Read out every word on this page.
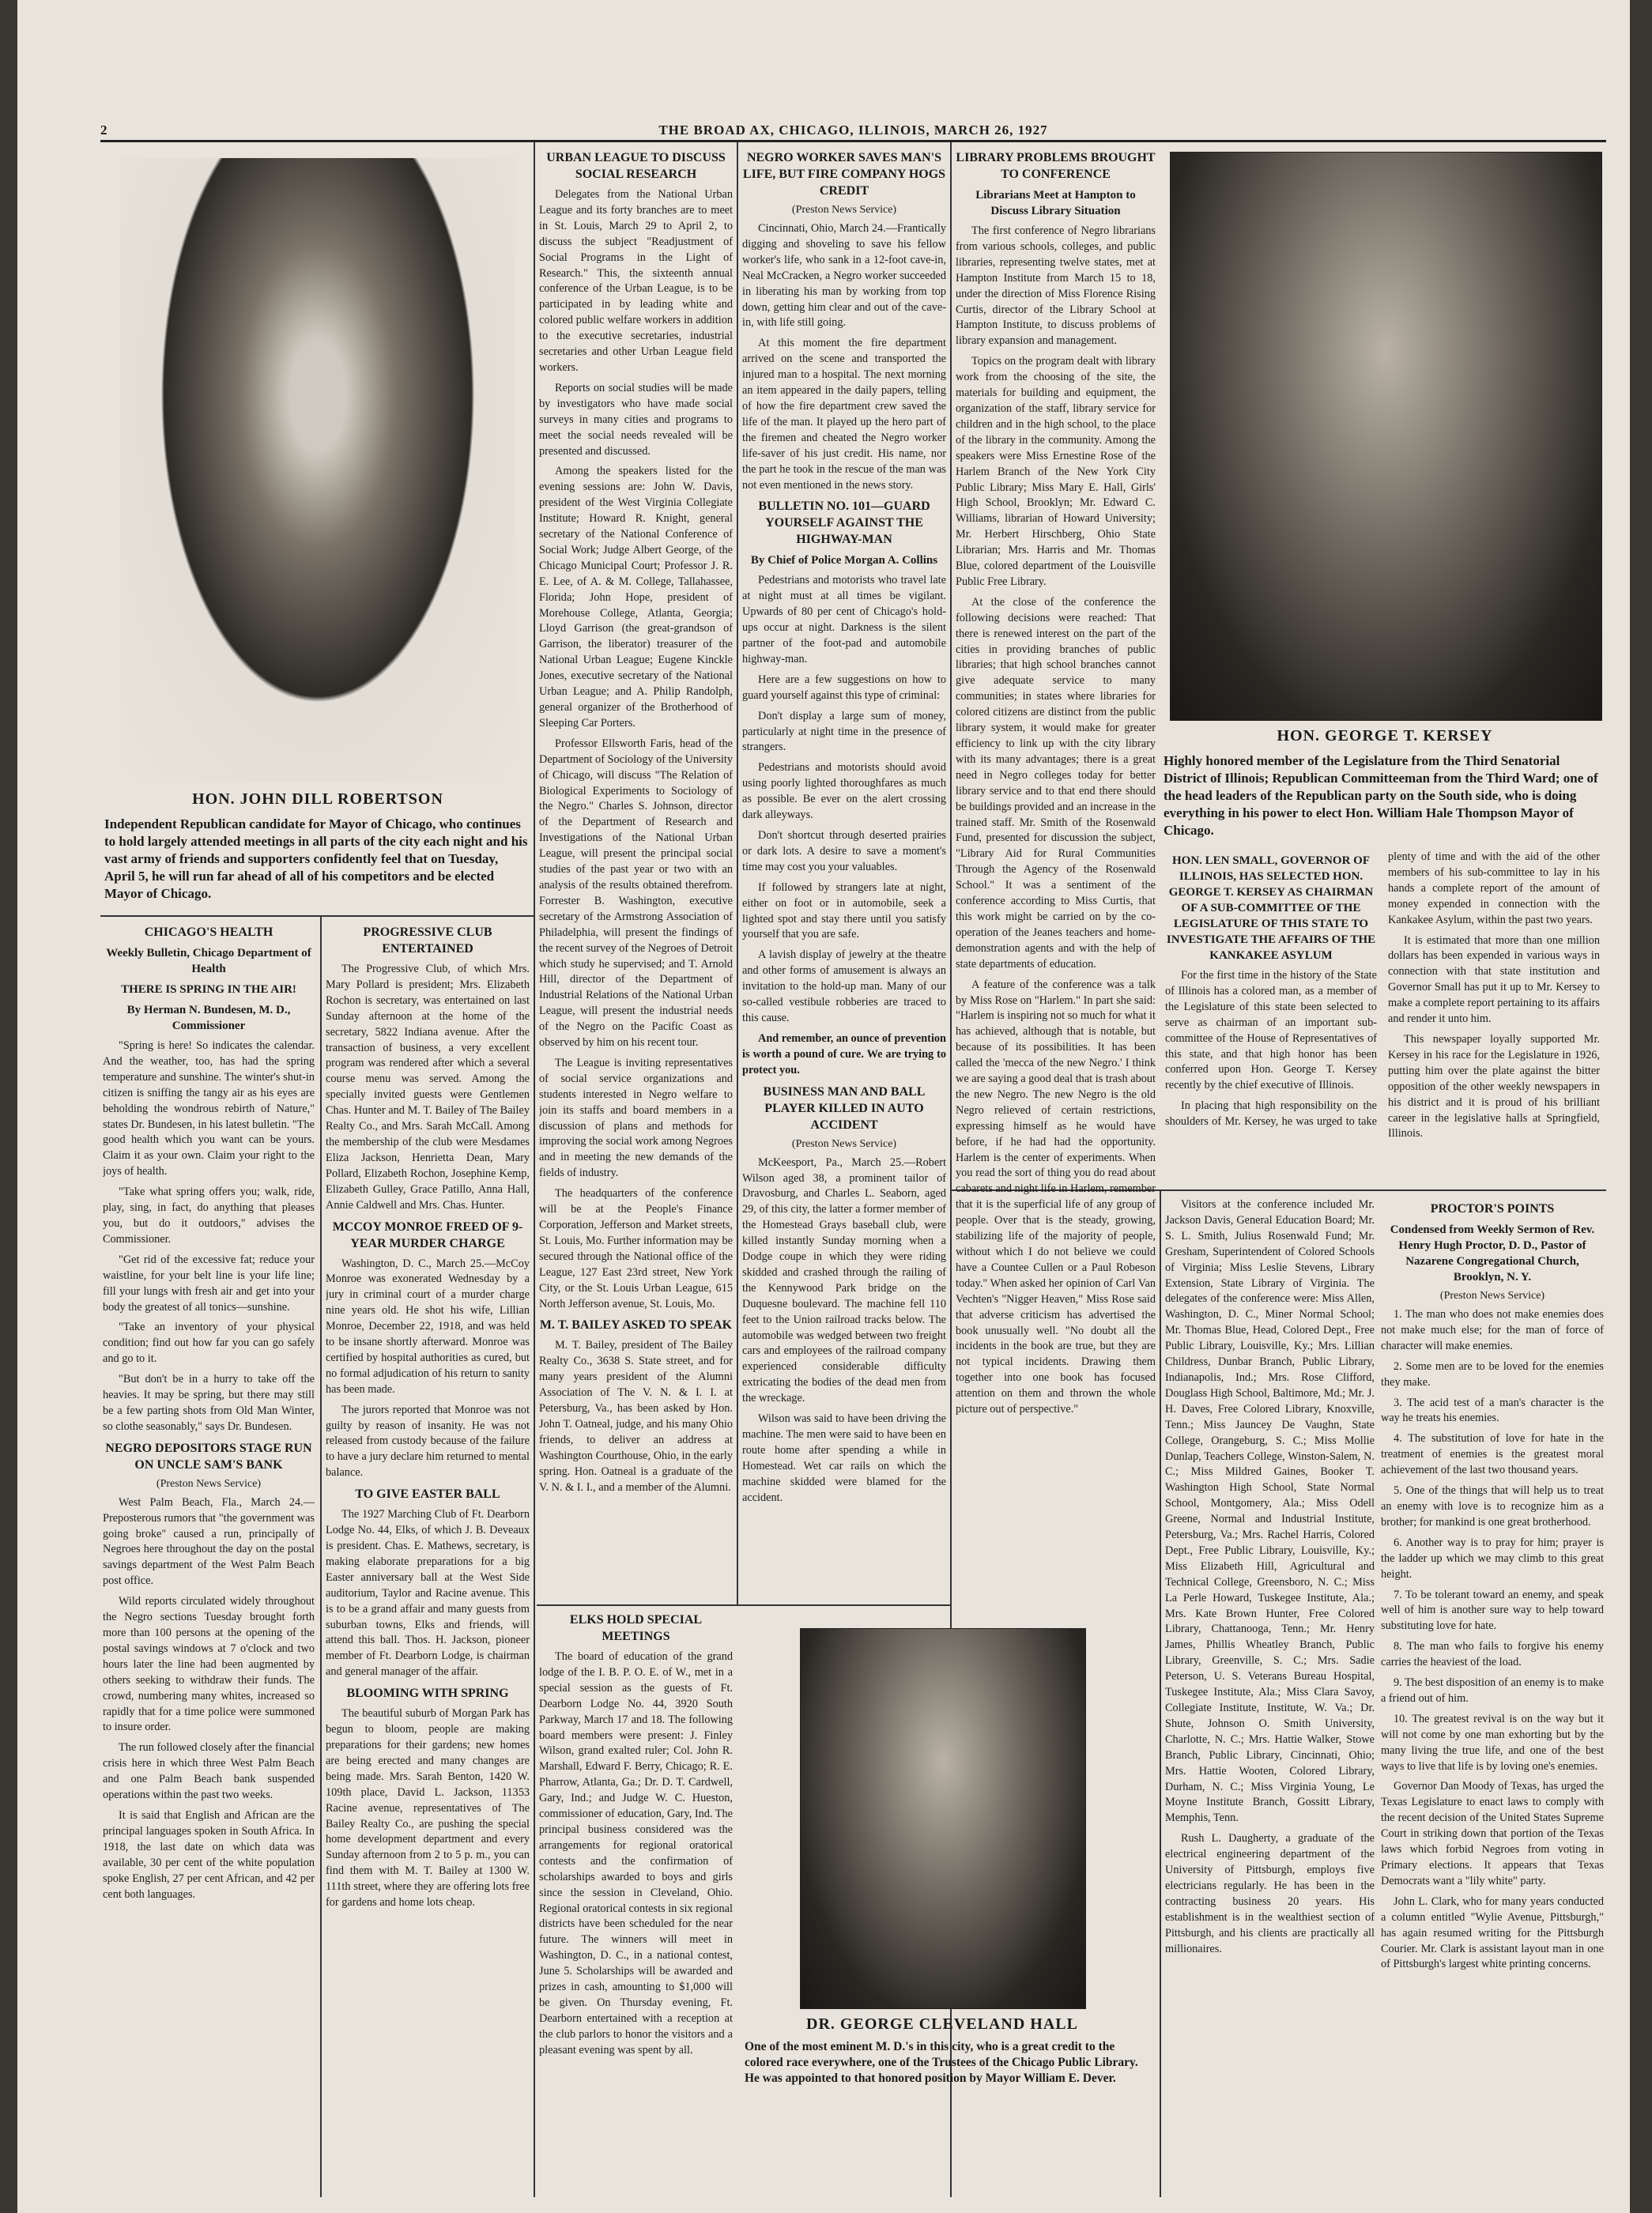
2	THE BROAD AX, CHICAGO, ILLINOIS, MARCH 26, 1927
HON. JOHN DILL ROBERTSON
Independent Republican candidate for Mayor of Chicago, who continues to hold largely attended meetings in all parts of the city each night and his vast army of friends and supporters confidently feel that on Tuesday, April 5, he will run far ahead of all of his competitors and be elected Mayor of Chicago.
CHICAGO'S HEALTH
Weekly Bulletin, Chicago Department of Health
THERE IS SPRING IN THE AIR!
By Herman N. Bundesen, M. D., Commissioner

"Spring is here! So indicates the calendar. And the weather, too, has had the spring temperature and sunshine. The winter's shut-in citizen is sniffing the tangy air as his eyes are beholding the wondrous rebirth of Nature," states Dr. Bundesen, in his latest bulletin. "The good health which you want can be yours. Claim it as your own. Claim your right to the joys of health.

"Take what spring offers you; walk, ride, play, sing, in fact, do anything that pleases you, but do it outdoors," advises the Commissioner.

"Get rid of the excessive fat; reduce your waistline, for your belt line is your life line; fill your lungs with fresh air and get into your body the greatest of all tonics—sunshine.

"Take an inventory of your physical condition; find out how far you can go safely and go to it.

"But don't be in a hurry to take off the heavies. It may be spring, but there may still be a few parting shots from Old Man Winter, so clothe seasonably," says Dr. Bundesen.

NEGRO DEPOSITORS STAGE RUN ON UNCLE SAM'S BANK
(Preston News Service)

West Palm Beach, Fla., March 24.—Preposterous rumors that "the government was going broke" caused a run, principally of Negroes here throughout the day on the postal savings department of the West Palm Beach post office.

Wild reports circulated widely throughout the Negro sections Tuesday brought forth more than 100 persons at the opening of the postal savings windows at 7 o'clock and two hours later the line had been augmented by others seeking to withdraw their funds. The crowd, numbering many whites, increased so rapidly that for a time police were summoned to insure order.

The run followed closely after the financial crisis here in which three West Palm Beach and one Palm Beach bank suspended operations within the past two weeks.

It is said that English and African are the principal languages spoken in South Africa. In 1918, the last date on which data was available, 30 per cent of the white population spoke English, 27 per cent African, and 42 per cent both languages.

PROGRESSIVE CLUB ENTERTAINED

The Progressive Club, of which Mrs. Mary Pollard is president; Mrs. Elizabeth Rochon is secretary, was entertained on last Sunday afternoon at the home of the secretary, 5822 Indiana avenue. After the transaction of business, a very excellent program was rendered after which a several course menu was served. Among the specially invited guests were Gentlemen Chas. Hunter and M. T. Bailey of The Bailey Realty Co., and Mrs. Sarah McCall. Among the membership of the club were Mesdames Eliza Jackson, Henrietta Dean, Mary Pollard, Elizabeth Rochon, Josephine Kemp, Elizabeth Gulley, Grace Patillo, Anna Hall, Annie Caldwell and Mrs. Chas. Hunter.

MCCOY MONROE FREED OF 9-YEAR MURDER CHARGE

Washington, D. C., March 25.—McCoy Monroe was exonerated Wednesday by a jury in criminal court of a murder charge nine years old. He shot his wife, Lillian Monroe, December 22, 1918, and was held to be insane shortly afterward. Monroe was certified by hospital authorities as cured, but no formal adjudication of his return to sanity has been made.

The jurors reported that Monroe was not guilty by reason of insanity. He was not released from custody because of the failure to have a jury declare him returned to mental balance.

TO GIVE EASTER BALL

The 1927 Marching Club of Ft. Dearborn Lodge No. 44, Elks, of which J. B. Deveaux is president. Chas. E. Mathews, secretary, is making elaborate preparations for a big Easter anniversary ball at the West Side auditorium, Taylor and Racine avenue. This is to be a grand affair and many guests from suburban towns, Elks and friends, will attend this ball. Thos. H. Jackson, pioneer member of Ft. Dearborn Lodge, is chairman and general manager of the affair.

BLOOMING WITH SPRING

The beautiful suburb of Morgan Park has begun to bloom, people are making preparations for their gardens; new homes are being erected and many changes are being made. Mrs. Sarah Benton, 1420 W. 109th place, David L. Jackson, 11353 Racine avenue, representatives of The Bailey Realty Co., are pushing the special home development department and every Sunday afternoon from 2 to 5 p. m., you can find them with M. T. Bailey at 1300 W. 111th street, where they are offering lots free for gardens and home lots cheap.

URBAN LEAGUE TO DISCUSS SOCIAL RESEARCH

Delegates from the National Urban League and its forty branches are to meet in St. Louis, March 29 to April 2, to discuss the subject "Readjustment of Social Programs in the Light of Research." This, the sixteenth annual conference of the Urban League, is to be participated in by leading white and colored public welfare workers in addition to the executive secretaries, industrial secretaries and other Urban League field workers.

Reports on social studies will be made by investigators who have made social surveys in many cities and programs to meet the social needs revealed will be presented and discussed.

Among the speakers listed for the evening sessions are: John W. Davis, president of the West Virginia Collegiate Institute; Howard R. Knight, general secretary of the National Conference of Social Work; Judge Albert George, of the Chicago Municipal Court; Professor J. R. E. Lee, of A. & M. College, Tallahassee, Florida; John Hope, president of Morehouse College, Atlanta, Georgia; Lloyd Garrison (the great-grandson of Garrison, the liberator) treasurer of the National Urban League; Eugene Kinckle Jones, executive secretary of the National Urban League; and A. Philip Randolph, general organizer of the Brotherhood of Sleeping Car Porters.

Professor Ellsworth Faris, head of the Department of Sociology of the University of Chicago, will discuss "The Relation of Biological Experiments to Sociology of the Negro." Charles S. Johnson, director of the Department of Research and Investigations of the National Urban League, will present the principal social studies of the past year or two with an analysis of the results obtained therefrom. Forrester B. Washington, executive secretary of the Armstrong Association of Philadelphia, will present the findings of the recent survey of the Negroes of Detroit which study he supervised; and T. Arnold Hill, director of the Department of Industrial Relations of the National Urban League, will present the industrial needs of the Negro on the Pacific Coast as observed by him on his recent tour.

The League is inviting representatives of social service organizations and students interested in Negro welfare to join its staffs and board members in a discussion of plans and methods for improving the social work among Negroes and in meeting the new demands of the fields of industry.

The headquarters of the conference will be at the People's Finance Corporation, Jefferson and Market streets, St. Louis, Mo. Further information may be secured through the National office of the League, 127 East 23rd street, New York City, or the St. Louis Urban League, 615 North Jefferson avenue, St. Louis, Mo.

M. T. BAILEY ASKED TO SPEAK

M. T. Bailey, president of The Bailey Realty Co., 3638 S. State street, and for many years president of the Alumni Association of The V. N. & I. I. at Petersburg, Va., has been asked by Hon. John T. Oatneal, judge, and his many Ohio friends, to deliver an address at Washington Courthouse, Ohio, in the early spring. Hon. Oatneal is a graduate of the V. N. & I. I., and a member of the Alumni.

ELKS HOLD SPECIAL MEETINGS

The board of education of the grand lodge of the I. B. P. O. E. of W., met in a special session as the guests of Ft. Dearborn Lodge No. 44, 3920 South Parkway, March 17 and 18. The following board members were present: J. Finley Wilson, grand exalted ruler; Col. John R. Marshall, Edward F. Berry, Chicago; R. E. Pharrow, Atlanta, Ga.; Dr. D. T. Cardwell, Gary, Ind.; and Judge W. C. Hueston, commissioner of education, Gary, Ind. The principal business considered was the arrangements for regional oratorical contests and the confirmation of scholarships awarded to boys and girls since the session in Cleveland, Ohio. Regional oratorical contests in six regional districts have been scheduled for the near future. The winners will meet in Washington, D. C., in a national contest, June 5. Scholarships will be awarded and prizes in cash, amounting to $1,000 will be given. On Thursday evening, Ft. Dearborn entertained with a reception at the club parlors to honor the visitors and a pleasant evening was spent by all.

NEGRO WORKER SAVES MAN'S LIFE, BUT FIRE COMPANY HOGS CREDIT
(Preston News Service)

Cincinnati, Ohio, March 24.—Frantically digging and shoveling to save his fellow worker's life, who sank in a 12-foot cave-in, Neal McCracken, a Negro worker succeeded in liberating his man by working from top down, getting him clear and out of the cave-in, with life still going.

At this moment the fire department arrived on the scene and transported the injured man to a hospital. The next morning an item appeared in the daily papers, telling of how the fire department crew saved the life of the man. It played up the hero part of the firemen and cheated the Negro worker life-saver of his just credit. His name, nor the part he took in the rescue of the man was not even mentioned in the news story.

BULLETIN NO. 101—GUARD YOURSELF AGAINST THE HIGHWAY-MAN
By Chief of Police Morgan A. Collins

Pedestrians and motorists who travel late at night must at all times be vigilant. Upwards of 80 per cent of Chicago's hold-ups occur at night. Darkness is the silent partner of the foot-pad and automobile highway-man.

Here are a few suggestions on how to guard yourself against this type of criminal:

Don't display a large sum of money, particularly at night time in the presence of strangers.

Pedestrians and motorists should avoid using poorly lighted thoroughfares as much as possible. Be ever on the alert crossing dark alleyways.

Don't shortcut through deserted prairies or dark lots. A desire to save a moment's time may cost you your valuables.

If followed by strangers late at night, either on foot or in automobile, seek a lighted spot and stay there until you satisfy yourself that you are safe.

A lavish display of jewelry at the theatre and other forms of amusement is always an invitation to the hold-up man. Many of our so-called vestibule robberies are traced to this cause.

And remember, an ounce of prevention is worth a pound of cure. We are trying to protect you.

BUSINESS MAN AND BALL PLAYER KILLED IN AUTO ACCIDENT
(Preston News Service)

McKeesport, Pa., March 25.—Robert Wilson aged 38, a prominent tailor of Dravosburg, and Charles L. Seaborn, aged 29, of this city, the latter a former member of the Homestead Grays baseball club, were killed instantly Sunday morning when a Dodge coupe in which they were riding skidded and crashed through the railing of the Kennywood Park bridge on the Duquesne boulevard. The machine fell 110 feet to the Union railroad tracks below. The automobile was wedged between two freight cars and employees of the railroad company experienced considerable difficulty extricating the bodies of the dead men from the wreckage.

Wilson was said to have been driving the machine. The men were said to have been en route home after spending a while in Homestead. Wet car rails on which the machine skidded were blamed for the accident.

DR. GEORGE CLEVELAND HALL
One of the most eminent M. D.'s in this city, who is a great credit to the colored race everywhere, one of the Trustees of the Chicago Public Library. He was appointed to that honored position by Mayor William E. Dever.
LIBRARY PROBLEMS BROUGHT TO CONFERENCE
Librarians Meet at Hampton to Discuss Library Situation

The first conference of Negro librarians from various schools, colleges, and public libraries, representing twelve states, met at Hampton Institute from March 15 to 18, under the direction of Miss Florence Rising Curtis, director of the Library School at Hampton Institute, to discuss problems of library expansion and management.

Topics on the program dealt with library work from the choosing of the site, the materials for building and equipment, the organization of the staff, library service for children and in the high school, to the place of the library in the community. Among the speakers were Miss Ernestine Rose of the Harlem Branch of the New York City Public Library; Miss Mary E. Hall, Girls' High School, Brooklyn; Mr. Edward C. Williams, librarian of Howard University; Mr. Herbert Hirschberg, Ohio State Librarian; Mrs. Harris and Mr. Thomas Blue, colored department of the Louisville Public Free Library.

At the close of the conference the following decisions were reached: That there is renewed interest on the part of the cities in providing branches of public libraries; that high school branches cannot give adequate service to many communities; in states where libraries for colored citizens are distinct from the public library system, it would make for greater efficiency to link up with the city library with its many advantages; there is a great need in Negro colleges today for better library service and to that end there should be buildings provided and an increase in the trained staff. Mr. Smith of the Rosenwald Fund, presented for discussion the subject, "Library Aid for Rural Communities Through the Agency of the Rosenwald School." It was a sentiment of the conference according to Miss Curtis, that this work might be carried on by the co-operation of the Jeanes teachers and home-demonstration agents and with the help of state departments of education.

A feature of the conference was a talk by Miss Rose on "Harlem." In part she said: "Harlem is inspiring not so much for what it has achieved, although that is notable, but because of its possibilities. It has been called the 'mecca of the new Negro.' I think we are saying a good deal that is trash about the new Negro. The new Negro is the old Negro relieved of certain restrictions, expressing himself as he would have before, if he had had the opportunity. Harlem is the center of experiments. When you read the sort of thing you do read about cabarets and night life in Harlem, remember that it is the superficial life of any group of people. Over that is the steady, growing, stabilizing life of the majority of people, without which I do not believe we could have a Countee Cullen or a Paul Robeson today." When asked her opinion of Carl Van Vechten's "Nigger Heaven," Miss Rose said that adverse criticism has advertised the book unusually well. "No doubt all the incidents in the book are true, but they are not typical incidents. Drawing them together into one book has focused attention on them and thrown the whole picture out of perspective."

Visitors at the conference included Mr. Jackson Davis, General Education Board; Mr. S. L. Smith, Julius Rosenwald Fund; Mr. Gresham, Superintendent of Colored Schools of Virginia; Miss Leslie Stevens, Library Extension, State Library of Virginia. The delegates of the conference were: Miss Allen, Washington, D. C., Miner Normal School; Mr. Thomas Blue, Head, Colored Dept., Free Public Library, Louisville, Ky.; Mrs. Lillian Childress, Dunbar Branch, Public Library, Indianapolis, Ind.; Mrs. Rose Clifford, Douglass High School, Baltimore, Md.; Mr. J. H. Daves, Free Colored Library, Knoxville, Tenn.; Miss Jauncey De Vaughn, State College, Orangeburg, S. C.; Miss Mollie Dunlap, Teachers College, Winston-Salem, N. C.; Miss Mildred Gaines, Booker T. Washington High School, State Normal School, Montgomery, Ala.; Miss Odell Greene, Normal and Industrial Institute, Petersburg, Va.; Mrs. Rachel Harris, Colored Dept., Free Public Library, Louisville, Ky.; Miss Elizabeth Hill, Agricultural and Technical College, Greensboro, N. C.; Miss La Perle Howard, Tuskegee Institute, Ala.; Mrs. Kate Brown Hunter, Free Colored Library, Chattanooga, Tenn.; Mr. Henry James, Phillis Wheatley Branch, Public Library, Greenville, S. C.; Mrs. Sadie Peterson, U. S. Veterans Bureau Hospital, Tuskegee Institute, Ala.; Miss Clara Savoy, Collegiate Institute, Institute, W. Va.; Dr. Shute, Johnson O. Smith University, Charlotte, N. C.; Mrs. Hattie Walker, Stowe Branch, Public Library, Cincinnati, Ohio; Mrs. Hattie Wooten, Colored Library, Durham, N. C.; Miss Virginia Young, Le Moyne Institute Branch, Gossitt Library, Memphis, Tenn.

Rush L. Daugherty, a graduate of the electrical engineering department of the University of Pittsburgh, employs five electricians regularly. He has been in the contracting business 20 years. His establishment is in the wealthiest section of Pittsburgh, and his clients are practically all millionaires.

HON. GEORGE T. KERSEY
Highly honored member of the Legislature from the Third Senatorial District of Illinois; Republican Committeeman from the Third Ward; one of the head leaders of the Republican party on the South side, who is doing everything in his power to elect Hon. William Hale Thompson Mayor of Chicago.
HON. LEN SMALL, GOVERNOR OF ILLINOIS, HAS SELECTED HON. GEORGE T. KERSEY AS CHAIRMAN OF A SUB-COMMITTEE OF THE LEGISLATURE OF THIS STATE TO INVESTIGATE THE AFFAIRS OF THE KANKAKEE ASYLUM

For the first time in the history of the State of Illinois has a colored man, as a member of the Legislature of this state been selected to serve as chairman of an important sub-committee of the House of Representatives of this state, and that high honor has been conferred upon Hon. George T. Kersey recently by the chief executive of Illinois.

In placing that high responsibility on the shoulders of Mr. Kersey, he was urged to take plenty of time and with the aid of the other members of his sub-committee to lay in his hands a complete report of the amount of money expended in connection with the Kankakee Asylum, within the past two years.

It is estimated that more than one million dollars has been expended in various ways in connection with that state institution and Governor Small has put it up to Mr. Kersey to make a complete report pertaining to its affairs and render it unto him.

This newspaper loyally supported Mr. Kersey in his race for the Legislature in 1926, putting him over the plate against the bitter opposition of the other weekly newspapers in his district and it is proud of his brilliant career in the legislative halls at Springfield, Illinois.

PROCTOR'S POINTS
Condensed from Weekly Sermon of Rev. Henry Hugh Proctor, D. D., Pastor of Nazarene Congregational Church, Brooklyn, N. Y.
(Preston News Service)

1. The man who does not make enemies does not make much else; for the man of force of character will make enemies.

2. Some men are to be loved for the enemies they make.

3. The acid test of a man's character is the way he treats his enemies.

4. The substitution of love for hate in the treatment of enemies is the greatest moral achievement of the last two thousand years.

5. One of the things that will help us to treat an enemy with love is to recognize him as a brother; for mankind is one great brotherhood.

6. Another way is to pray for him; prayer is the ladder up which we may climb to this great height.

7. To be tolerant toward an enemy, and speak well of him is another sure way to help toward substituting love for hate.

8. The man who fails to forgive his enemy carries the heaviest of the load.

9. The best disposition of an enemy is to make a friend out of him.

10. The greatest revival is on the way but it will not come by one man exhorting but by the many living the true life, and one of the best ways to live that life is by loving one's enemies.

Governor Dan Moody of Texas, has urged the Texas Legislature to enact laws to comply with the recent decision of the United States Supreme Court in striking down that portion of the Texas laws which forbid Negroes from voting in Primary elections. It appears that Texas Democrats want a "lily white" party.

John L. Clark, who for many years conducted a column entitled "Wylie Avenue, Pittsburgh," has again resumed writing for the Pittsburgh Courier. Mr. Clark is assistant layout man in one of Pittsburgh's largest white printing concerns.
